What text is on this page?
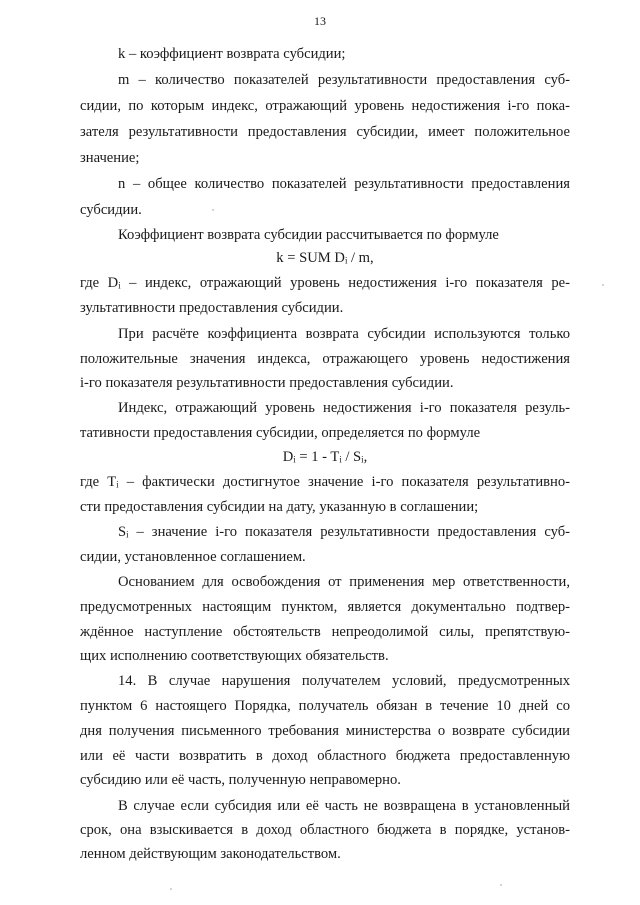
13
k – коэффициент возврата субсидии;
m – количество показателей результативности предоставления суб-
сидии, по которым индекс, отражающий уровень недостижения i-го пока-
зателя результативности предоставления субсидии, имеет положительное
значение;
n – общее количество показателей результативности предоставления
субсидии.
Коэффициент возврата субсидии рассчитывается по формуле
k = SUM Dᵢ / m,
где Dᵢ – индекс, отражающий уровень недостижения i-го показателя ре-
зультативности предоставления субсидии.
При расчёте коэффициента возврата субсидии используются только
положительные значения индекса, отражающего уровень недостижения
i-го показателя результативности предоставления субсидии.
Индекс, отражающий уровень недостижения i-го показателя резуль-
тативности предоставления субсидии, определяется по формуле
Dᵢ = 1 - Tᵢ / Sᵢ,
где Tᵢ – фактически достигнутое значение i-го показателя результативно-
сти предоставления субсидии на дату, указанную в соглашении;
Sᵢ – значение i-го показателя результативности предоставления суб-
сидии, установленное соглашением.
Основанием для освобождения от применения мер ответственности,
предусмотренных настоящим пунктом, является документально подтвер-
ждённое наступление обстоятельств непреодолимой силы, препятствую-
щих исполнению соответствующих обязательств.
14. В случае нарушения получателем условий, предусмотренных
пунктом 6 настоящего Порядка, получатель обязан в течение 10 дней со
дня получения письменного требования министерства о возврате субсидии
или её части возвратить в доход областного бюджета предоставленную
субсидию или её часть, полученную неправомерно.
В случае если субсидия или её часть не возвращена в установленный
срок, она взыскивается в доход областного бюджета в порядке, установ-
ленном действующим законодательством.
